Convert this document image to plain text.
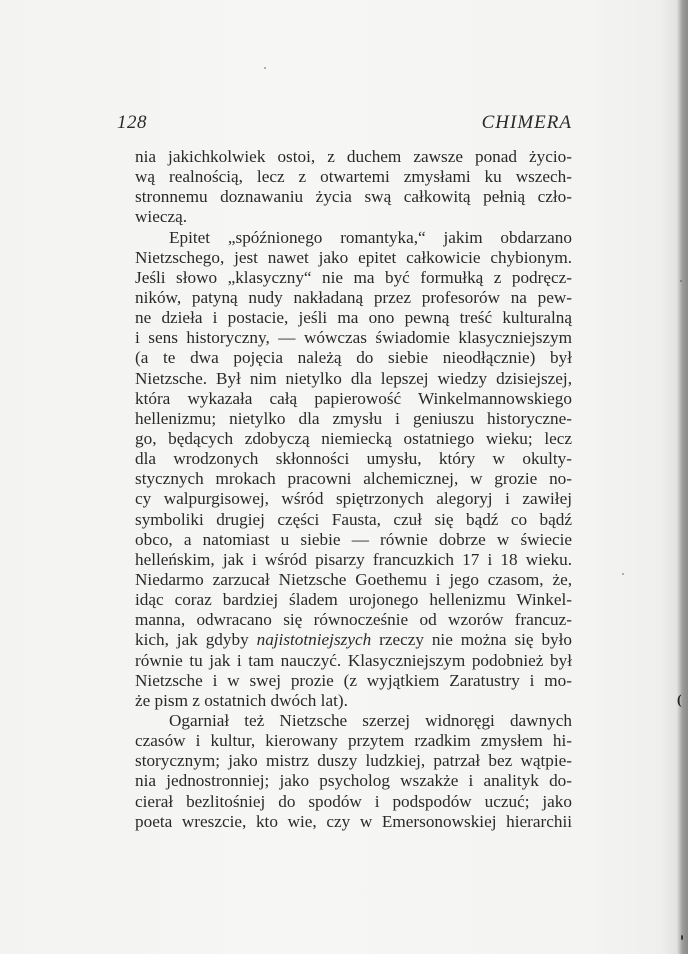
128	CHIMERA
nia jakichkolwiek ostoi, z duchem zawsze ponad życio-
wą realnością, lecz z otwartemi zmysłami ku wszech-
stronnemu doznawaniu życia swą całkowitą pełnią czło-
wieczą.
Epitet „spóźnionego romantyka,“ jakim obdarzano
Nietzschego, jest nawet jako epitet całkowicie chybionym.
Jeśli słowo „klasyczny“ nie ma być formułką z podręcz-
ników, patyną nudy nakładaną przez profesorów na pew-
ne dzieła i postacie, jeśli ma ono pewną treść kulturalną
i sens historyczny, — wówczas świadomie klasyczniejszym
(a te dwa pojęcia należą do siebie nieodłącznie) był
Nietzsche. Był nim nietylko dla lepszej wiedzy dzisiejszej,
która wykazała całą papierowość Winkelmannowskiego
hellenizmu; nietylko dla zmysłu i geniuszu historyczne-
go, będących zdobyczą niemiecką ostatniego wieku; lecz
dla wrodzonych skłonności umysłu, który w okulty-
stycznych mrokach pracowni alchemicznej, w grozie no-
cy walpurgisowej, wśród spiętrzonych alegoryj i zawiłej
symboliki drugiej części Fausta, czuł się bądź co bądź
obco, a natomiast u siebie — równie dobrze w świecie
helleńskim, jak i wśród pisarzy francuzkich 17 i 18 wieku.
Niedarmo zarzucał Nietzsche Goethemu i jego czasom, że,
idąc coraz bardziej śladem urojonego hellenizmu Winkel-
manna, odwracano się równocześnie od wzorów francuz-
kich, jak gdyby najistotniejszych rzeczy nie można się było
równie tu jak i tam nauczyć. Klasyczniejszym podobnież był
Nietzsche i w swej prozie (z wyjątkiem Zaratustry i mo-
że pism z ostatnich dwóch lat).
Ogarniał też Nietzsche szerzej widnoręgi dawnych
czasów i kultur, kierowany przytem rzadkim zmysłem hi-
storycznym; jako mistrz duszy ludzkiej, patrzał bez wątpie-
nia jednostronniej; jako psycholog wszakże i analityk do-
cierał bezlitośniej do spodów i podspodów uczuć; jako
poeta wreszcie, kto wie, czy w Emersonowskiej hierarchii
(
